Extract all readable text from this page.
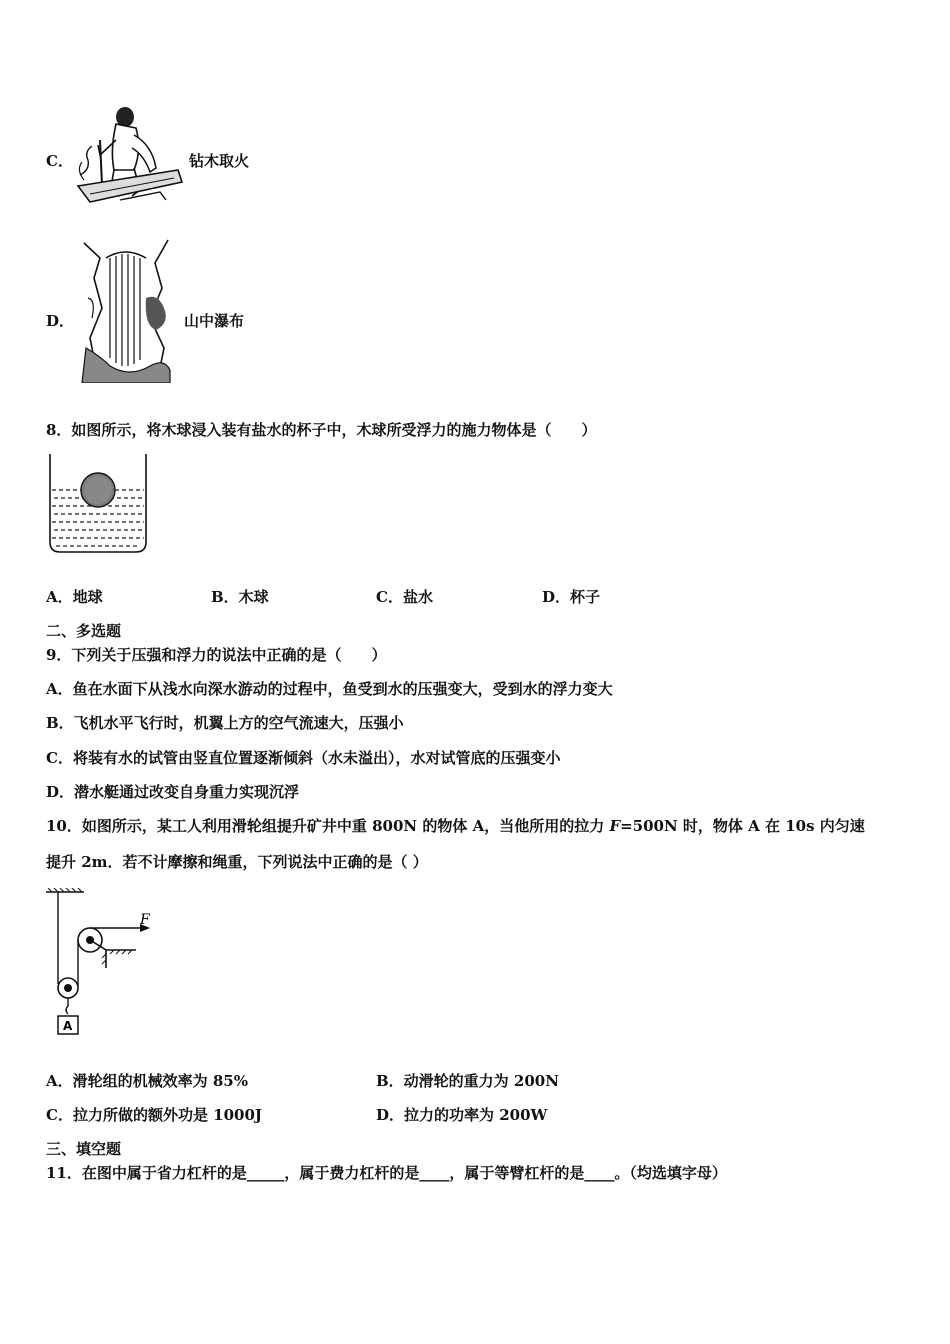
C．	钻木取火
D．	山中瀑布
8．如图所示，将木球浸入装有盐水的杯子中，木球所受浮力的施力物体是（　　）
A．地球	B．木球	C．盐水	D．杯子
二、多选题
9．下列关于压强和浮力的说法中正确的是（　　）
A．鱼在水面下从浅水向深水游动的过程中，鱼受到水的压强变大，受到水的浮力变大
B．飞机水平飞行时，机翼上方的空气流速大，压强小
C．将装有水的试管由竖直位置逐渐倾斜（水未溢出），水对试管底的压强变小
D．潜水艇通过改变自身重力实现沉浮
10．如图所示，某工人利用滑轮组提升矿井中重 800N 的物体 A，当他所用的拉力 F=500N 时，物体 A 在 10s 内匀速
提升 2m．若不计摩擦和绳重，下列说法中正确的是（ ）
F
A
A．滑轮组的机械效率为 85%	B．动滑轮的重力为 200N
C．拉力所做的额外功是 1000J	D．拉力的功率为 200W
三、填空题
11．在图中属于省力杠杆的是_____，属于费力杠杆的是____，属于等臂杠杆的是____。（均选填字母）
